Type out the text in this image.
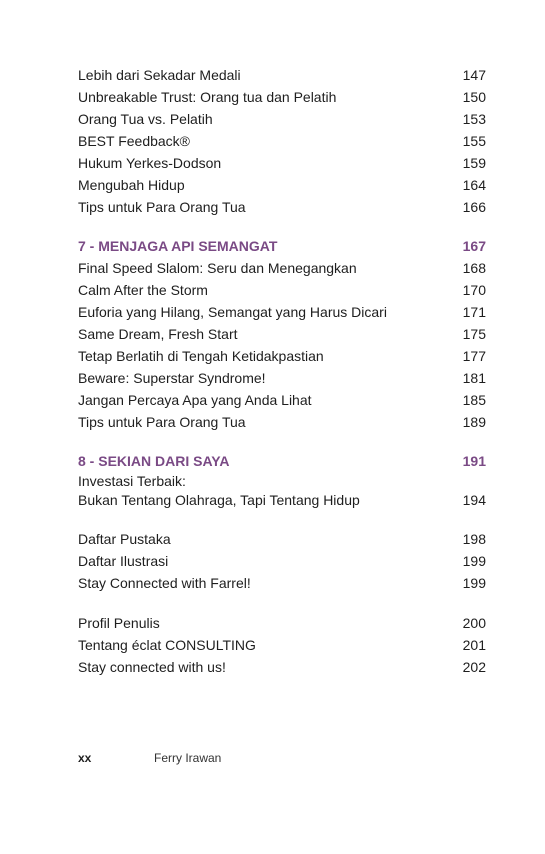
Lebih dari Sekadar Medali	147
Unbreakable Trust: Orang tua dan Pelatih	150
Orang Tua vs. Pelatih	153
BEST Feedback®	155
Hukum Yerkes-Dodson	159
Mengubah Hidup	164
Tips untuk Para Orang Tua	166
7 - MENJAGA API SEMANGAT	167
Final Speed Slalom: Seru dan Menegangkan	168
Calm After the Storm	170
Euforia yang Hilang, Semangat yang Harus Dicari	171
Same Dream, Fresh Start	175
Tetap Berlatih di Tengah Ketidakpastian	177
Beware: Superstar Syndrome!	181
Jangan Percaya Apa yang Anda Lihat	185
Tips untuk Para Orang Tua	189
8 - SEKIAN DARI SAYA	191
Investasi Terbaik:
Bukan Tentang Olahraga, Tapi Tentang Hidup	194
Daftar Pustaka	198
Daftar Ilustrasi	199
Stay Connected with Farrel!	199
Profil Penulis	200
Tentang éclat CONSULTING	201
Stay connected with us!	202
xx	Ferry Irawan
